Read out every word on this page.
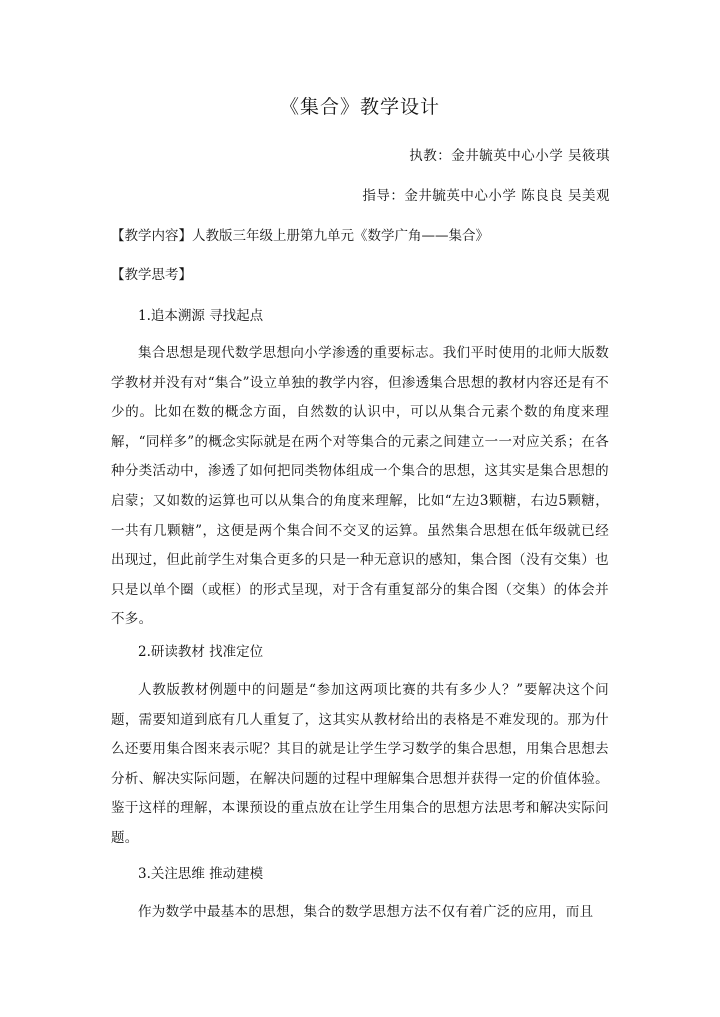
《集合》教学设计
执教：金井毓英中心小学 吴筱琪
指导：金井毓英中心小学 陈良良 吴美观
【教学内容】人教版三年级上册第九单元《数学广角——集合》
【教学思考】
1.追本溯源 寻找起点

集合思想是现代数学思想向小学渗透的重要标志。我们平时使用的北师大版数学教材并没有对“集合”设立单独的教学内容，但渗透集合思想的教材内容还是有不少的。比如在数的概念方面，自然数的认识中，可以从集合元素个数的角度来理解，“同样多”的概念实际就是在两个对等集合的元素之间建立一一对应关系；在各种分类活动中，渗透了如何把同类物体组成一个集合的思想，这其实是集合思想的启蒙；又如数的运算也可以从集合的角度来理解，比如“左边3颗糖，右边5颗糖，一共有几颗糖”，这便是两个集合间不交叉的运算。虽然集合思想在低年级就已经出现过，但此前学生对集合更多的只是一种无意识的感知，集合图（没有交集）也只是以单个圈（或框）的形式呈现，对于含有重复部分的集合图（交集）的体会并不多。

2.研读教材 找准定位

人教版教材例题中的问题是“参加这两项比赛的共有多少人？”要解决这个问题，需要知道到底有几人重复了，这其实从教材给出的表格是不难发现的。那为什么还要用集合图来表示呢？其目的就是让学生学习数学的集合思想，用集合思想去分析、解决实际问题，在解决问题的过程中理解集合思想并获得一定的价值体验。鉴于这样的理解，本课预设的重点放在让学生用集合的思想方法思考和解决实际问题。

3.关注思维 推动建模

作为数学中最基本的思想，集合的数学思想方法不仅有着广泛的应用，而且
